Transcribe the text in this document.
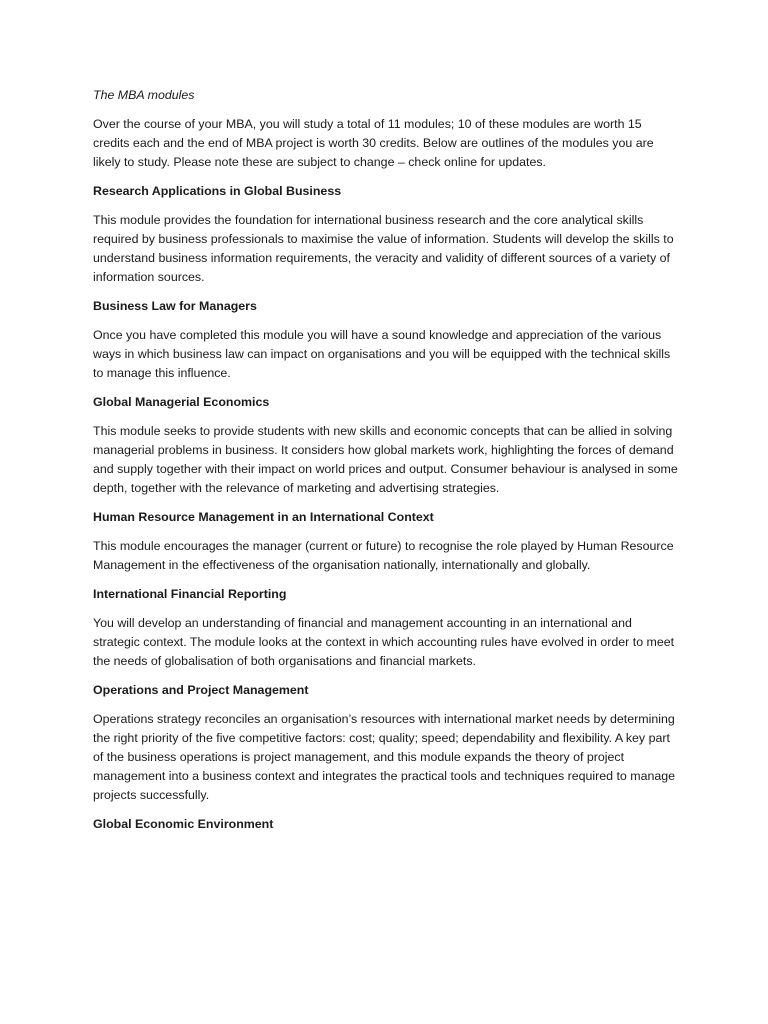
The MBA modules

Over the course of your MBA, you will study a total of 11 modules; 10 of these modules are worth 15 credits each and the end of MBA project is worth 30 credits. Below are outlines of the modules you are likely to study. Please note these are subject to change – check online for updates.

Research Applications in Global Business

This module provides the foundation for international business research and the core analytical skills required by business professionals to maximise the value of information. Students will develop the skills to understand business information requirements, the veracity and validity of different sources of a variety of information sources.

Business Law for Managers

Once you have completed this module you will have a sound knowledge and appreciation of the various ways in which business law can impact on organisations and you will be equipped with the technical skills to manage this influence.

Global Managerial Economics

This module seeks to provide students with new skills and economic concepts that can be allied in solving managerial problems in business. It considers how global markets work, highlighting the forces of demand and supply together with their impact on world prices and output. Consumer behaviour is analysed in some depth, together with the relevance of marketing and advertising strategies.

Human Resource Management in an International Context

This module encourages the manager (current or future) to recognise the role played by Human Resource Management in the effectiveness of the organisation nationally, internationally and globally.

International Financial Reporting

You will develop an understanding of financial and management accounting in an international and strategic context. The module looks at the context in which accounting rules have evolved in order to meet the needs of globalisation of both organisations and financial markets.

Operations and Project Management

Operations strategy reconciles an organisation’s resources with international market needs by determining the right priority of the five competitive factors: cost; quality; speed; dependability and flexibility. A key part of the business operations is project management, and this module expands the theory of project management into a business context and integrates the practical tools and techniques required to manage projects successfully.

Global Economic Environment
